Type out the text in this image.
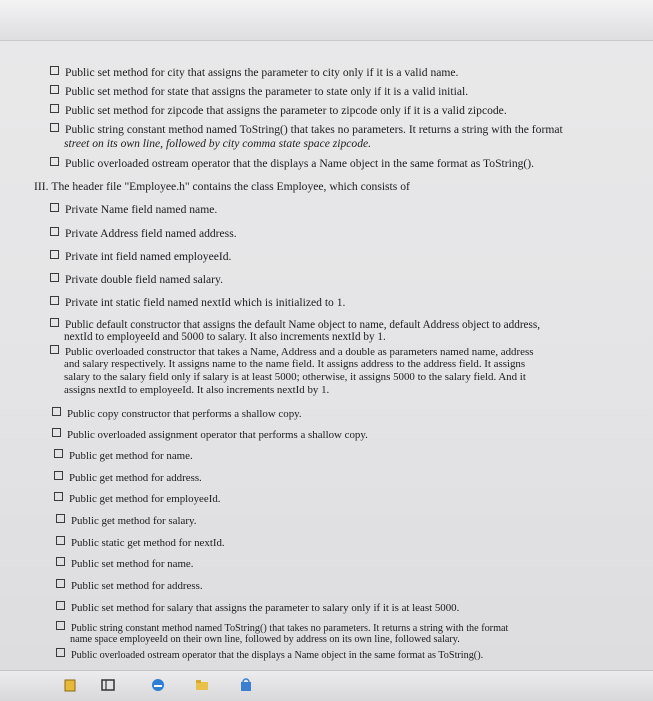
Public set method for city that assigns the parameter to city only if it is a valid name.
Public set method for state that assigns the parameter to state only if it is a valid initial.
Public set method for zipcode that assigns the parameter to zipcode only if it is a valid zipcode.
Public string constant method named ToString() that takes no parameters. It returns a string with the format
street on its own line, followed by city comma state space zipcode.
Public overloaded ostream operator that the displays a Name object in the same format as ToString().
III. The header file "Employee.h" contains the class Employee, which consists of
Private Name field named name.
Private Address field named address.
Private int field named employeeId.
Private double field named salary.
Private int static field named nextId which is initialized to 1.
Public default constructor that assigns the default Name object to name, default Address object to address,
nextId to employeeId and 5000 to salary. It also increments nextId by 1.
Public overloaded constructor that takes a Name, Address and a double as parameters named name, address
and salary respectively. It assigns name to the name field. It assigns address to the address field. It assigns
salary to the salary field only if salary is at least 5000; otherwise, it assigns 5000 to the salary field. And it
assigns nextId to employeeId. It also increments nextId by 1.
Public copy constructor that performs a shallow copy.
Public overloaded assignment operator that performs a shallow copy.
Public get method for name.
Public get method for address.
Public get method for employeeId.
Public get method for salary.
Public static get method for nextId.
Public set method for name.
Public set method for address.
Public set method for salary that assigns the parameter to salary only if it is at least 5000.
Public string constant method named ToString() that takes no parameters. It returns a string with the format
name space employeeId on their own line, followed by address on its own line, followed salary.
Public overloaded ostream operator that the displays a Name object in the same format as ToString().
